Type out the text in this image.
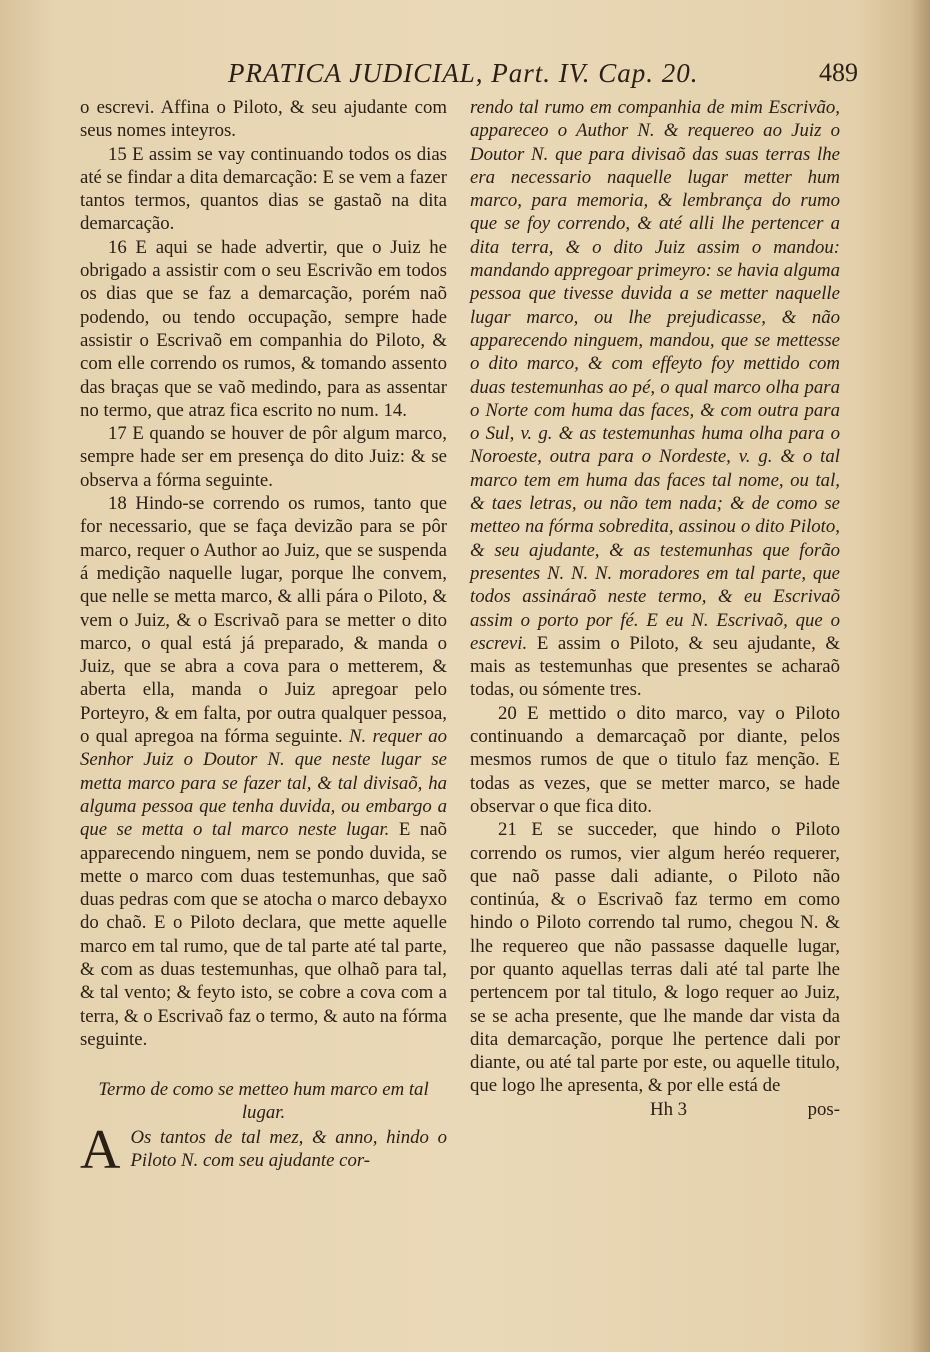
PRATICA JUDICIAL, Part. IV. Cap. 20.	489

o escrevi. Affina o Piloto, & seu ajudante com seus nomes inteyros.

15 E assim se vay continuando todos os dias até se findar a dita demarcação: E se vem a fazer tantos termos, quantos dias se gastaõ na dita demarcação.

16 E aqui se hade advertir, que o Juiz he obrigado a assistir com o seu Escrivão em todos os dias que se faz a demarcação, porém naõ podendo, ou tendo occupação, sempre hade assistir o Escrivaõ em companhia do Piloto, & com elle correndo os rumos, & tomando assento das braças que se vaõ medindo, para as assentar no termo, que atraz fica escrito no num. 14.

17 E quando se houver de pôr algum marco, sempre hade ser em presença do dito Juiz: & se observa a fórma seguinte.

18 Hindo-se correndo os rumos, tanto que for necessario, que se faça devizão para se pôr marco, requer o Author ao Juiz, que se suspenda á medição naquelle lugar, porque lhe convem, que nelle se metta marco, & alli pára o Piloto, & vem o Juiz, & o Escrivaõ para se metter o dito marco, o qual está já preparado, & manda o Juiz, que se abra a cova para o metterem, & aberta ella, manda o Juiz apregoar pelo Porteyro, & em falta, por outra qualquer pessoa, o qual apregoa na fórma seguinte. N. requer ao Senhor Juiz o Doutor N. que neste lugar se metta marco para se fazer tal, & tal divisaõ, ha alguma pessoa que tenha duvida, ou embargo a que se metta o tal marco neste lugar. E naõ apparecendo ninguem, nem se pondo duvida, se mette o marco com duas testemunhas, que saõ duas pedras com que se atocha o marco debayxo do chaõ. E o Piloto declara, que mette aquelle marco em tal rumo, que de tal parte até tal parte, & com as duas testemunhas, que olhaõ para tal, & tal vento; & feyto isto, se cobre a cova com a terra, & o Escrivaõ faz o termo, & auto na fórma seguinte.

Termo de como se metteo hum marco em tal lugar.

A Os tantos de tal mez, & anno, hindo o Piloto N. com seu ajudante cor-

rendo tal rumo em companhia de mim Escrivão, appareceo o Author N. & requereo ao Juiz o Doutor N. que para divisaõ das suas terras lhe era necessario naquelle lugar metter hum marco, para memoria, & lembrança do rumo que se foy correndo, & até alli lhe pertencer a dita terra, & o dito Juiz assim o mandou: mandando appregoar primeyro: se havia alguma pessoa que tivesse duvida a se metter naquelle lugar marco, ou lhe prejudicasse, & não apparecendo ninguem, mandou, que se mettesse o dito marco, & com effeyto foy mettido com duas testemunhas ao pé, o qual marco olha para o Norte com huma das faces, & com outra para o Sul, v. g. & as testemunhas huma olha para o Noroeste, outra para o Nordeste, v. g. & o tal marco tem em huma das faces tal nome, ou tal, & taes letras, ou não tem nada; & de como se metteo na fórma sobredita, assinou o dito Piloto, & seu ajudante, & as testemunhas que forão presentes N. N. N. moradores em tal parte, que todos assináraõ neste termo, & eu Escrivaõ assim o porto por fé. E eu N. Escrivaõ, que o escrevi. E assim o Piloto, & seu ajudante, & mais as testemunhas que presentes se acharaõ todas, ou sómente tres.

20 E mettido o dito marco, vay o Piloto continuando a demarcaçaõ por diante, pelos mesmos rumos de que o titulo faz menção. E todas as vezes, que se metter marco, se hade observar o que fica dito.

21 E se succeder, que hindo o Piloto correndo os rumos, vier algum heréo requerer, que naõ passe dali adiante, o Piloto não continúa, & o Escrivaõ faz termo em como hindo o Piloto correndo tal rumo, chegou N. & lhe requereo que não passasse daquelle lugar, por quanto aquellas terras dali até tal parte lhe pertencem por tal titulo, & logo requer ao Juiz, se se acha presente, que lhe mande dar vista da dita demarcação, porque lhe pertence dali por diante, ou até tal parte por este, ou aquelle titulo, que logo lhe apresenta, & por elle está de

Hh 3	pos-
